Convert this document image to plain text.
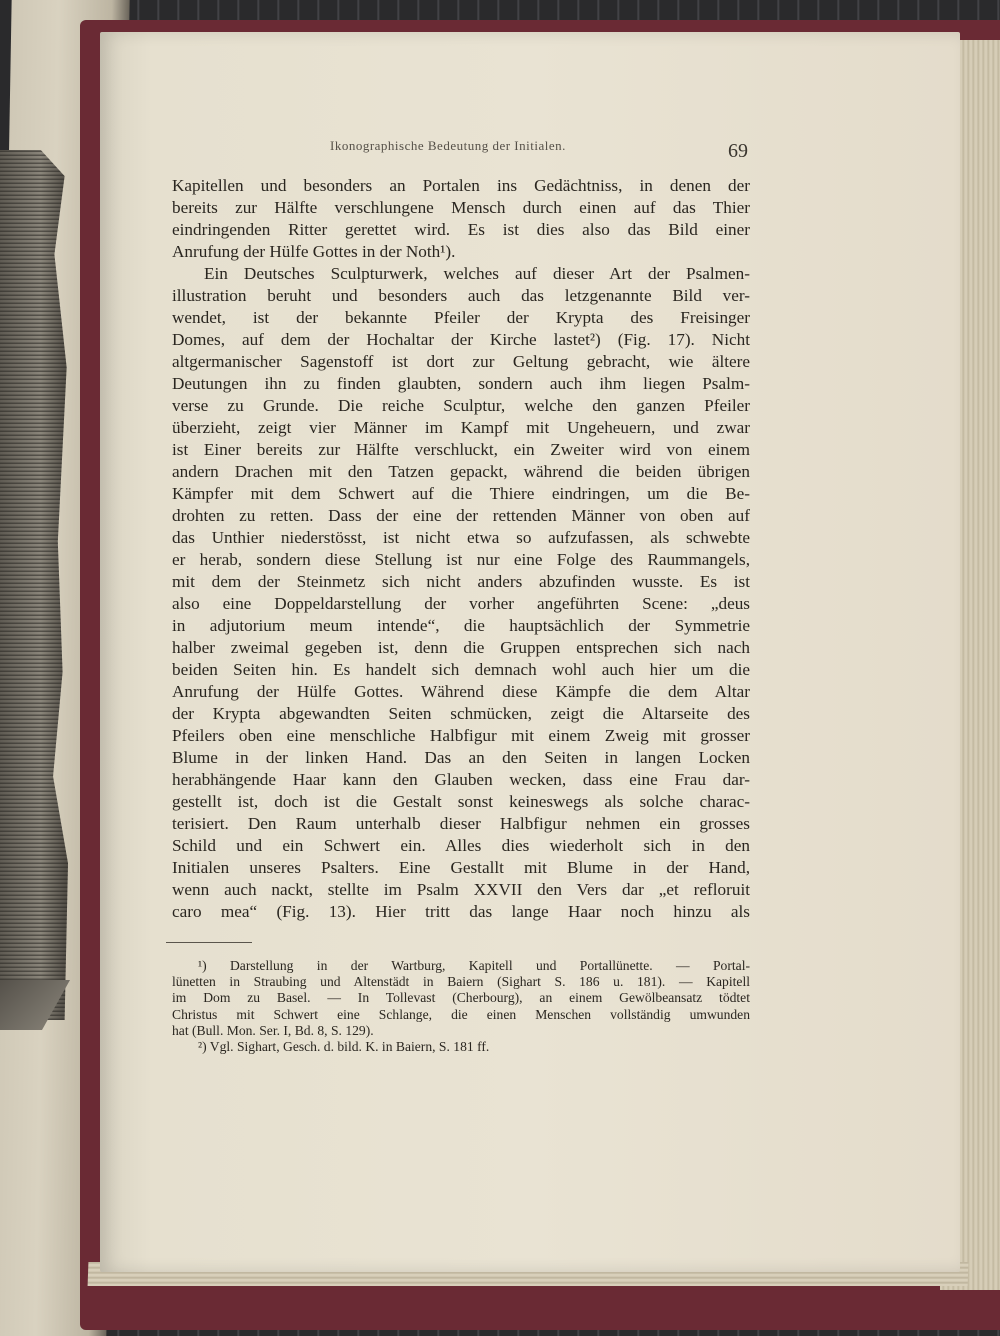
Ikonographische Bedeutung der Initialen.	69
Kapitellen und besonders an Portalen ins Gedächtniss, in denen der
bereits zur Hälfte verschlungene Mensch durch einen auf das Thier
eindringenden Ritter gerettet wird. Es ist dies also das Bild einer
Anrufung der Hülfe Gottes in der Noth¹).
Ein Deutsches Sculpturwerk, welches auf dieser Art der Psalmen-
illustration beruht und besonders auch das letzgenannte Bild ver-
wendet, ist der bekannte Pfeiler der Krypta des Freisinger
Domes, auf dem der Hochaltar der Kirche lastet²) (Fig. 17). Nicht
altgermanischer Sagenstoff ist dort zur Geltung gebracht, wie ältere
Deutungen ihn zu finden glaubten, sondern auch ihm liegen Psalm-
verse zu Grunde. Die reiche Sculptur, welche den ganzen Pfeiler
überzieht, zeigt vier Männer im Kampf mit Ungeheuern, und zwar
ist Einer bereits zur Hälfte verschluckt, ein Zweiter wird von einem
andern Drachen mit den Tatzen gepackt, während die beiden übrigen
Kämpfer mit dem Schwert auf die Thiere eindringen, um die Be-
drohten zu retten. Dass der eine der rettenden Männer von oben auf
das Unthier niederstösst, ist nicht etwa so aufzufassen, als schwebte
er herab, sondern diese Stellung ist nur eine Folge des Raummangels,
mit dem der Steinmetz sich nicht anders abzufinden wusste. Es ist
also eine Doppeldarstellung der vorher angeführten Scene: „deus
in adjutorium meum intende“, die hauptsächlich der Symmetrie
halber zweimal gegeben ist, denn die Gruppen entsprechen sich nach
beiden Seiten hin. Es handelt sich demnach wohl auch hier um die
Anrufung der Hülfe Gottes. Während diese Kämpfe die dem Altar
der Krypta abgewandten Seiten schmücken, zeigt die Altarseite des
Pfeilers oben eine menschliche Halbfigur mit einem Zweig mit grosser
Blume in der linken Hand. Das an den Seiten in langen Locken
herabhängende Haar kann den Glauben wecken, dass eine Frau dar-
gestellt ist, doch ist die Gestalt sonst keineswegs als solche charac-
terisiert. Den Raum unterhalb dieser Halbfigur nehmen ein grosses
Schild und ein Schwert ein. Alles dies wiederholt sich in den
Initialen unseres Psalters. Eine Gestallt mit Blume in der Hand,
wenn auch nackt, stellte im Psalm XXVII den Vers dar „et refloruit
caro mea“ (Fig. 13). Hier tritt das lange Haar noch hinzu als
¹) Darstellung in der Wartburg, Kapitell und Portallünette. — Portal-
lünetten in Straubing und Altenstädt in Baiern (Sighart S. 186 u. 181). — Kapitell
im Dom zu Basel. — In Tollevast (Cherbourg), an einem Gewölbeansatz tödtet
Christus mit Schwert eine Schlange, die einen Menschen vollständig umwunden
hat (Bull. Mon. Ser. I, Bd. 8, S. 129).
²) Vgl. Sighart, Gesch. d. bild. K. in Baiern, S. 181 ff.
